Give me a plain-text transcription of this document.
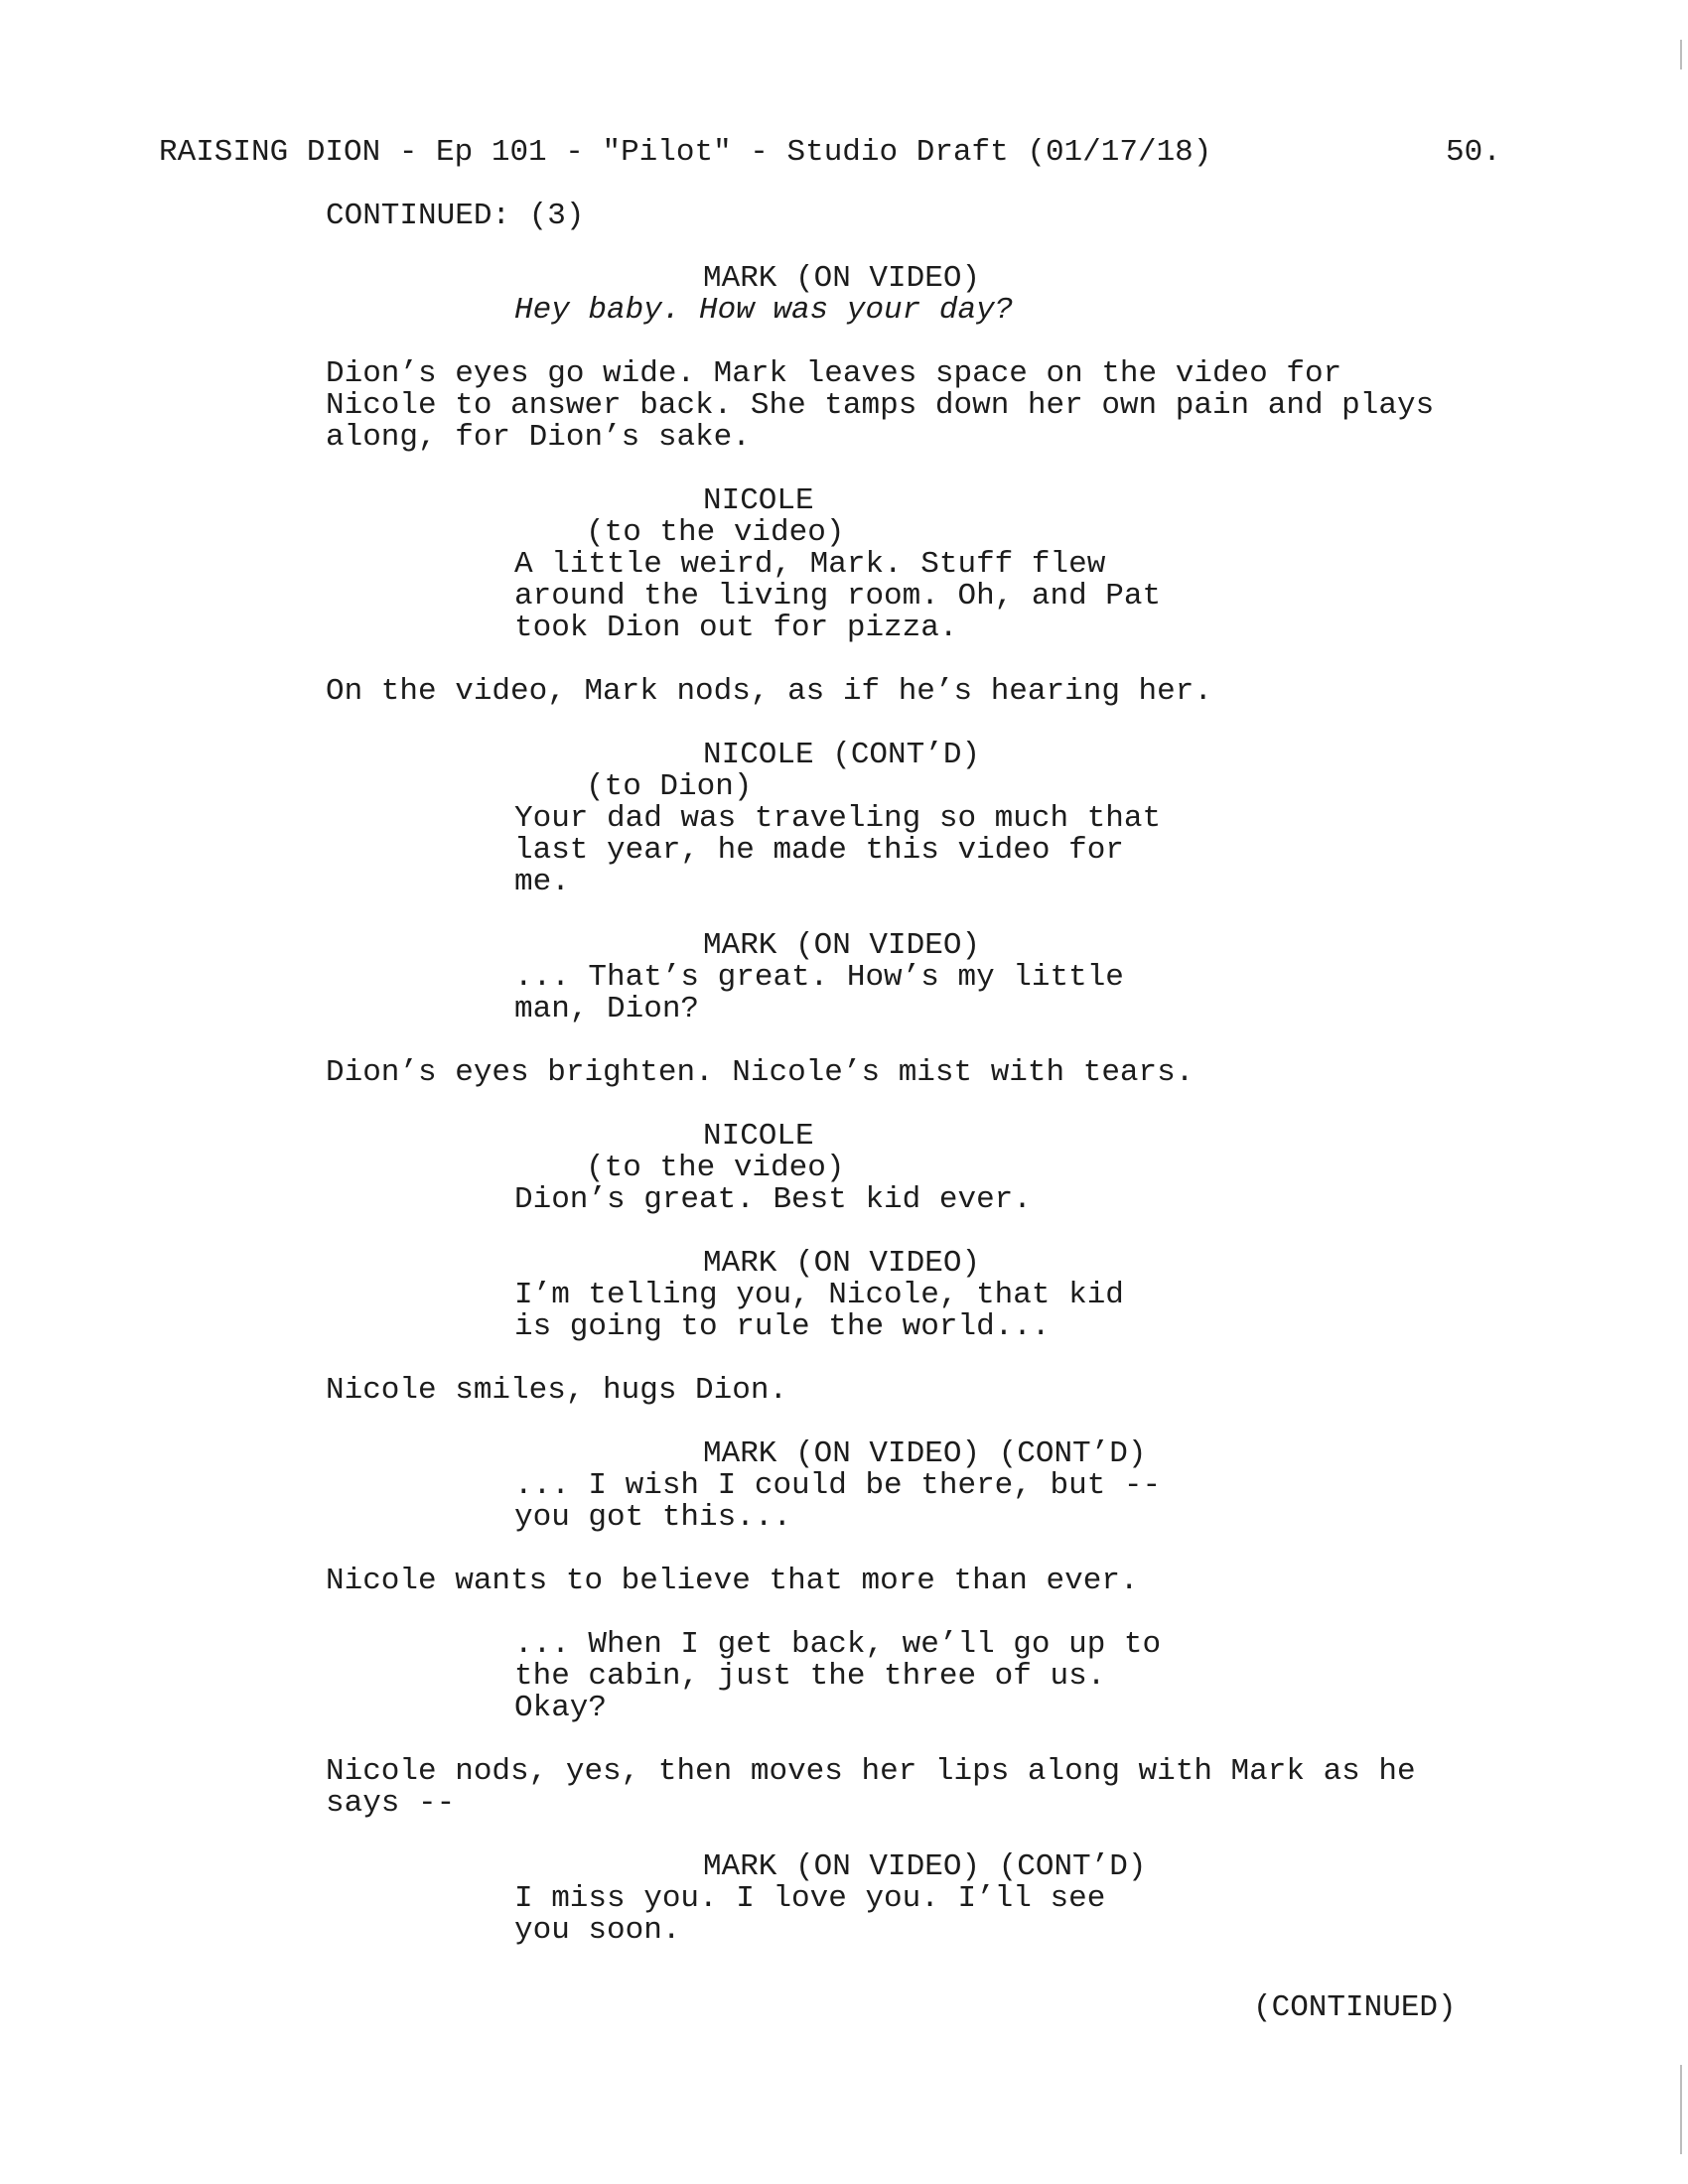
RAISING DION - Ep 101 - "Pilot" - Studio Draft (01/17/18)	50.
CONTINUED: (3)
MARK (ON VIDEO)
Hey baby. How was your day?
Dion’s eyes go wide. Mark leaves space on the video for
Nicole to answer back. She tamps down her own pain and plays
along, for Dion’s sake.
NICOLE
(to the video)
A little weird, Mark. Stuff flew
around the living room. Oh, and Pat
took Dion out for pizza.
On the video, Mark nods, as if he’s hearing her.
NICOLE (CONT’D)
(to Dion)
Your dad was traveling so much that
last year, he made this video for
me.
MARK (ON VIDEO)
... That’s great. How’s my little
man, Dion?
Dion’s eyes brighten. Nicole’s mist with tears.
NICOLE
(to the video)
Dion’s great. Best kid ever.
MARK (ON VIDEO)
I’m telling you, Nicole, that kid
is going to rule the world...
Nicole smiles, hugs Dion.
MARK (ON VIDEO) (CONT’D)
... I wish I could be there, but --
you got this...
Nicole wants to believe that more than ever.
... When I get back, we’ll go up to
the cabin, just the three of us.
Okay?
Nicole nods, yes, then moves her lips along with Mark as he
says --
MARK (ON VIDEO) (CONT’D)
I miss you. I love you. I’ll see
you soon.
(CONTINUED)
